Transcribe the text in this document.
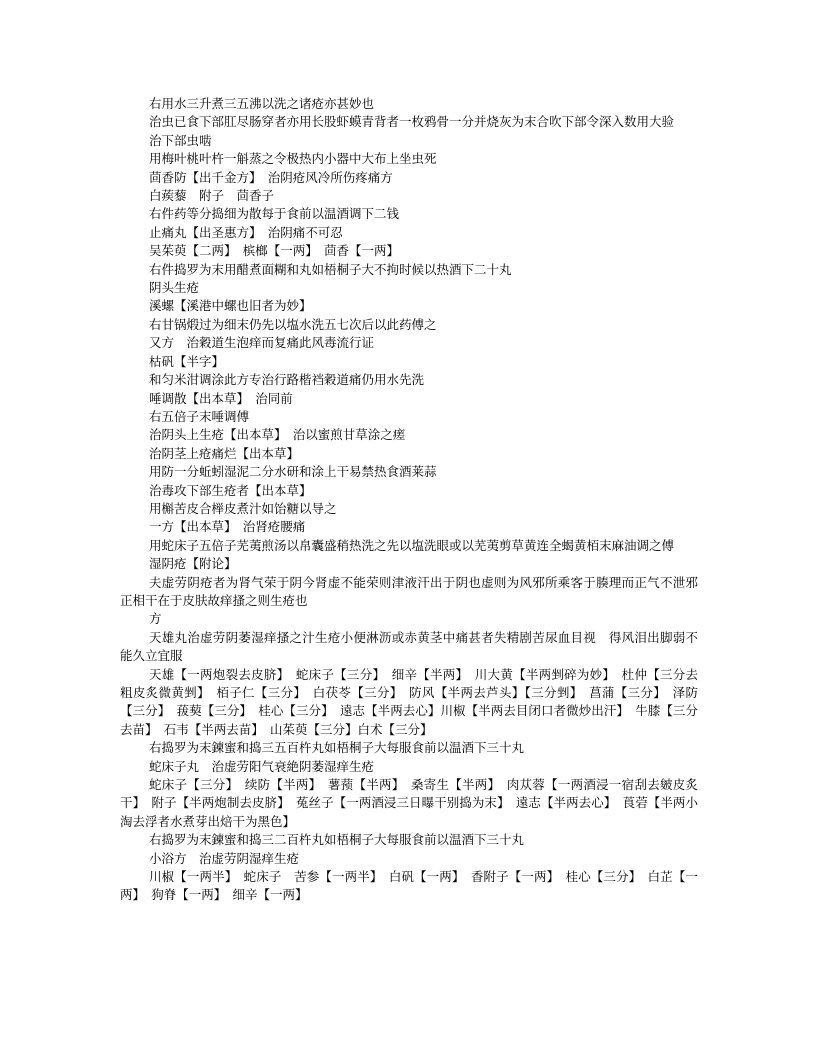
右用水三升煮三五沸以洗之诸疮亦甚妙也

治虫已食下部肛尽肠穿者亦用长股虾蟆青背者一枚鸦骨一分并烧灰为末合吹下部令深入数用大验

治下部虫啮

用梅叶桃叶杵一斛蒸之令极热内小器中大布上坐虫死

茴香防【出千金方】　治阴疮风冷所伤疼痛方

白蒺藜　附子　茴香子

右件药等分捣细为散每于食前以温酒调下二钱

止痛丸【出圣惠方】　治阴痛不可忍

吴茱萸【二两】　槟榔【一两】　茴香【一两】

右件捣罗为末用醋煮面糊和丸如梧桐子大不拘时候以热酒下二十丸

阴头生疮

溪螺【溪港中螺也旧者为妙】

右甘锅煅过为细末仍先以塩水洗五七次后以此药傅之

又方　治穀道生泡痒而复痛此风毒流行证

枯矾【半字】

和匀米泔调涂此方专治行路楷裆穀道痛仍用水先洗

唾调散【出本草】　治同前

右五倍子末唾调傅

治阴头上生疮【出本草】　治以蜜煎甘草涂之瘥

治阴茎上疮痛烂【出本草】

用防一分蚯蚓湿泥二分水研和涂上干易禁热食酒莱蒜

治毒攻下部生疮者【出本草】

用槲苦皮合榉皮煮汁如饴糖以导之

一方【出本草】　治肾疮腰痛

用蛇床子五倍子芜荑煎汤以帛囊盛稍热洗之先以塩洗眼或以芜荑剪草黄连全蝎黄栢末麻油调之傅

湿阴疮【附论】

夫虚劳阴疮者为肾气荣于阴今肾虚不能荣则津液汗出于阴也虚则为风邪所乘客于腠理而正气不泄邪正相干在于皮肤故痒搔之则生疮也

方

天雄丸治虚劳阴萎湿痒搔之汁生疮小便淋沥或赤黄茎中痛甚者失精剧苦尿血目视　得风泪出脚弱不能久立宜服

天雄【一两炮裂去皮脐】　蛇床子【三分】　细辛【半两】　川大黄【半两剉碎为妙】　杜仲【三分去粗皮炙微黄剉】　栢子仁【三分】　白茯苓【三分】　防风【半两去芦头】【三分剉】　菖蒲【三分】　泽防【三分】　菝葜【三分】　桂心【三分】　遠志【半两去心】川椒【半两去目闭口者微炒出汗】　牛膝【三分去苗】　石韦【半两去苗】　山茱萸【三分】白术【三分】

右捣罗为末鍊蜜和捣三五百杵丸如梧桐子大每服食前以温酒下三十丸

蛇床子丸　治虚劳阳气衰絶阴萎湿痒生疮

蛇床子【三分】　续防【半两】　薯蓣【半两】　桑寄生【半两】　肉苁蓉【一两酒浸一宿刮去皴皮炙干】　附子【半两炮制去皮脐】　菟丝子【一两酒浸三日曝干别捣为末】　遠志【半两去心】　莨菪【半两小淘去浮者水煮芽出焙干为黑色】

右捣罗为末鍊蜜和捣三二百杵丸如梧桐子大每服食前以温酒下三十丸

小浴方　治虚劳阴湿痒生疮

川椒【一两半】　蛇床子　苦参【一两半】　白矾【一两】　香附子【一两】　桂心【三分】　白芷【一两】　狗脊【一两】　细辛【一两】
